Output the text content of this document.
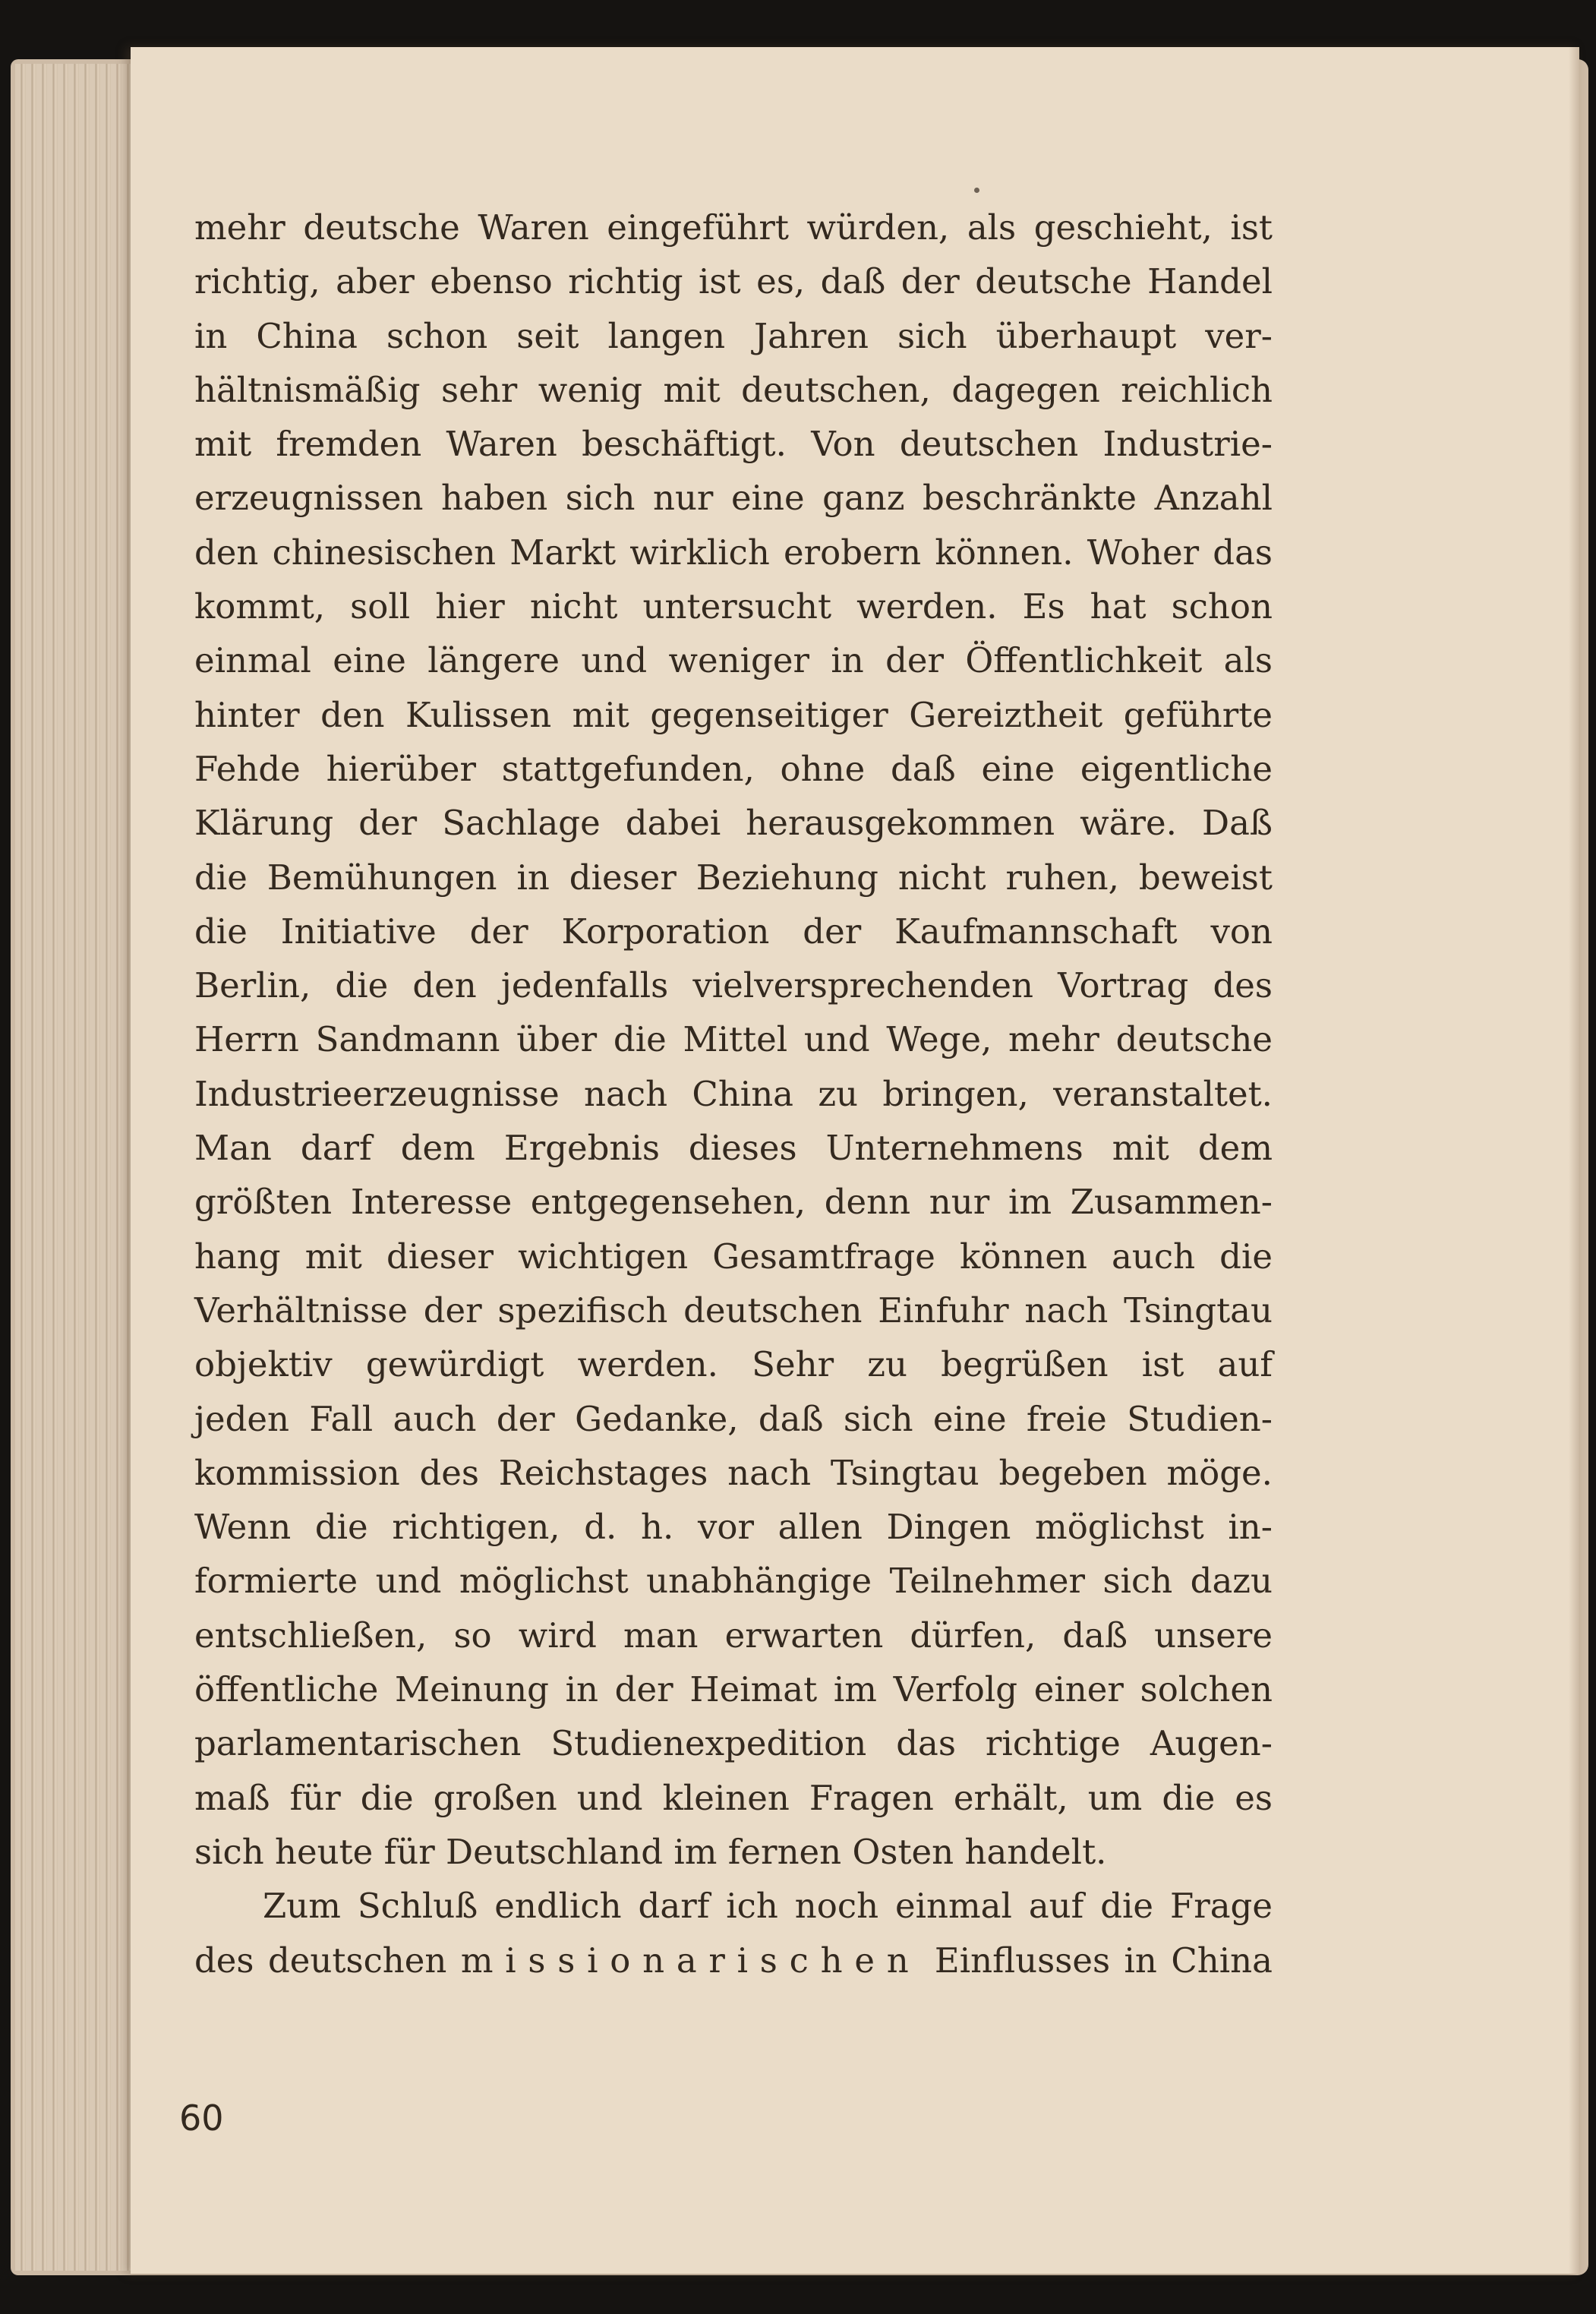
mehr deutsche Waren eingeführt würden, als geschieht, ist
richtig, aber ebenso richtig ist es, daß der deutsche Handel
in China schon seit langen Jahren sich überhaupt ver-
hältnismäßig sehr wenig mit deutschen, dagegen reichlich
mit fremden Waren beschäftigt. Von deutschen Industrie-
erzeugnissen haben sich nur eine ganz beschränkte Anzahl
den chinesischen Markt wirklich erobern können. Woher das
kommt, soll hier nicht untersucht werden. Es hat schon
einmal eine längere und weniger in der Öffentlichkeit als
hinter den Kulissen mit gegenseitiger Gereiztheit geführte
Fehde hierüber stattgefunden, ohne daß eine eigentliche
Klärung der Sachlage dabei herausgekommen wäre. Daß
die Bemühungen in dieser Beziehung nicht ruhen, beweist
die Initiative der Korporation der Kaufmannschaft von
Berlin, die den jedenfalls vielversprechenden Vortrag des
Herrn Sandmann über die Mittel und Wege, mehr deutsche
Industrieerzeugnisse nach China zu bringen, veranstaltet.
Man darf dem Ergebnis dieses Unternehmens mit dem
größten Interesse entgegensehen, denn nur im Zusammen-
hang mit dieser wichtigen Gesamtfrage können auch die
Verhältnisse der spezifisch deutschen Einfuhr nach Tsingtau
objektiv gewürdigt werden. Sehr zu begrüßen ist auf
jeden Fall auch der Gedanke, daß sich eine freie Studien-
kommission des Reichstages nach Tsingtau begeben möge.
Wenn die richtigen, d. h. vor allen Dingen möglichst in-
formierte und möglichst unabhängige Teilnehmer sich dazu
entschließen, so wird man erwarten dürfen, daß unsere
öffentliche Meinung in der Heimat im Verfolg einer solchen
parlamentarischen Studienexpedition das richtige Augen-
maß für die großen und kleinen Fragen erhält, um die es
sich heute für Deutschland im fernen Osten handelt.
Zum Schluß endlich darf ich noch einmal auf die Frage
des deutschen missionarischen Einflusses in China
60
